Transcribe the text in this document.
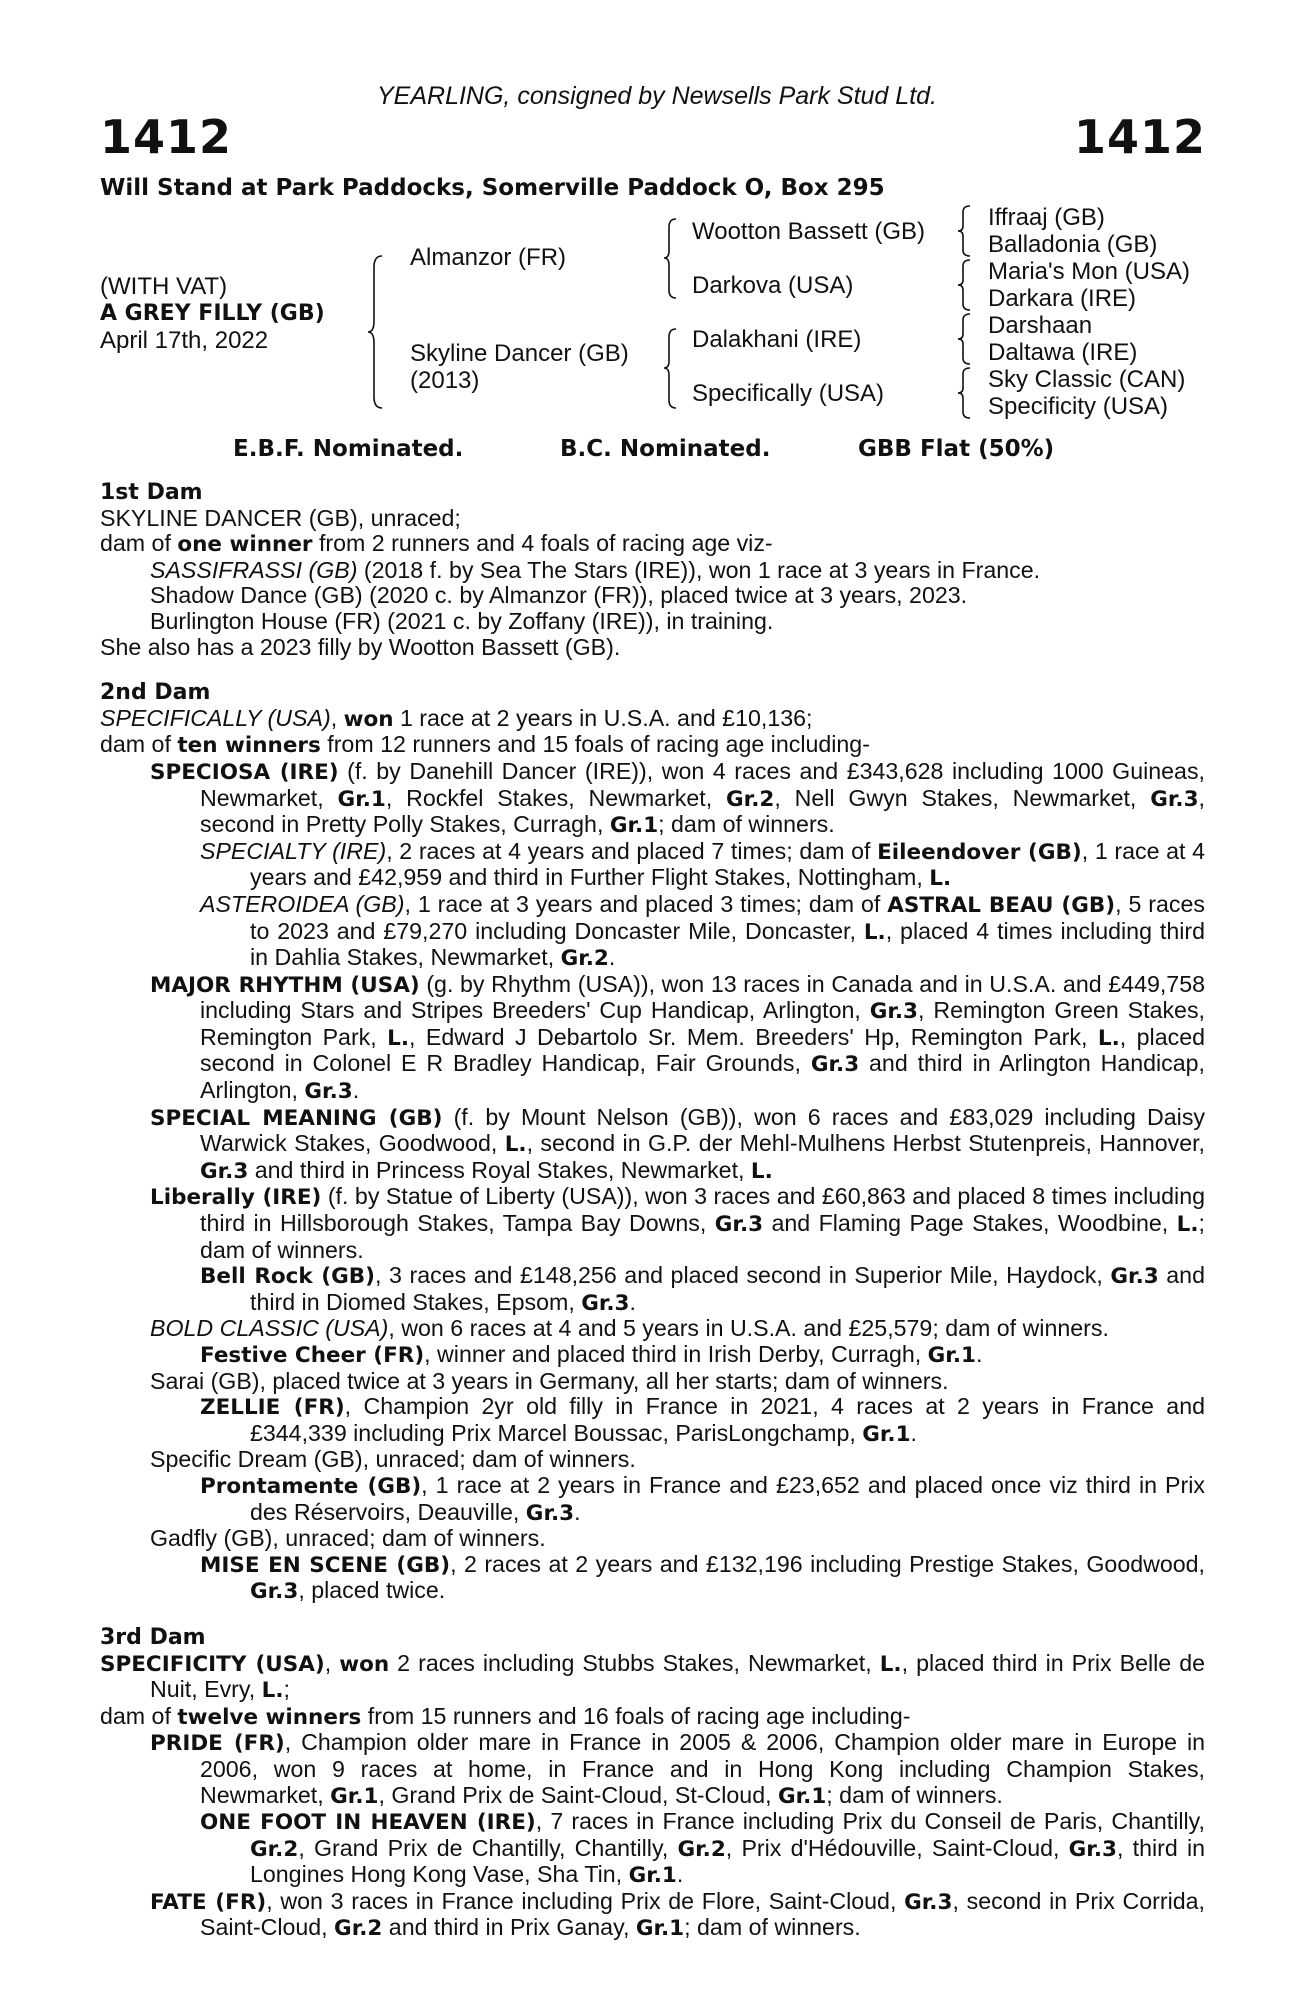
YEARLING, consigned by Newsells Park Stud Ltd.
1412	1412
Will Stand at Park Paddocks, Somerville Paddock O, Box 295
(WITH VAT)
A GREY FILLY (GB)
April 17th, 2022
Almanzor (FR)
Skyline Dancer (GB)
(2013)
Wootton Bassett (GB)
Darkova (USA)
Dalakhani (IRE)
Specifically (USA)
Iffraaj (GB)
Balladonia (GB)
Maria's Mon (USA)
Darkara (IRE)
Darshaan
Daltawa (IRE)
Sky Classic (CAN)
Specificity (USA)
E.B.F. Nominated.	B.C. Nominated.	GBB Flat (50%)
1st Dam
SKYLINE DANCER (GB), unraced;
dam of one winner from 2 runners and 4 foals of racing age viz-
SASSIFRASSI (GB) (2018 f. by Sea The Stars (IRE)), won 1 race at 3 years in France.
Shadow Dance (GB) (2020 c. by Almanzor (FR)), placed twice at 3 years, 2023.
Burlington House (FR) (2021 c. by Zoffany (IRE)), in training.
She also has a 2023 filly by Wootton Bassett (GB).
2nd Dam
SPECIFICALLY (USA), won 1 race at 2 years in U.S.A. and £10,136;
dam of ten winners from 12 runners and 15 foals of racing age including-
SPECIOSA (IRE) (f. by Danehill Dancer (IRE)), won 4 races and £343,628 including 1000 Guineas, Newmarket, Gr.1, Rockfel Stakes, Newmarket, Gr.2, Nell Gwyn Stakes, Newmarket, Gr.3, second in Pretty Polly Stakes, Curragh, Gr.1; dam of winners.
SPECIALTY (IRE), 2 races at 4 years and placed 7 times; dam of Eileendover (GB), 1 race at 4 years and £42,959 and third in Further Flight Stakes, Nottingham, L.
ASTEROIDEA (GB), 1 race at 3 years and placed 3 times; dam of ASTRAL BEAU (GB), 5 races to 2023 and £79,270 including Doncaster Mile, Doncaster, L., placed 4 times including third in Dahlia Stakes, Newmarket, Gr.2.
MAJOR RHYTHM (USA) (g. by Rhythm (USA)), won 13 races in Canada and in U.S.A. and £449,758 including Stars and Stripes Breeders' Cup Handicap, Arlington, Gr.3, Remington Green Stakes, Remington Park, L., Edward J Debartolo Sr. Mem. Breeders' Hp, Remington Park, L., placed second in Colonel E R Bradley Handicap, Fair Grounds, Gr.3 and third in Arlington Handicap, Arlington, Gr.3.
SPECIAL MEANING (GB) (f. by Mount Nelson (GB)), won 6 races and £83,029 including Daisy Warwick Stakes, Goodwood, L., second in G.P. der Mehl-Mulhens Herbst Stutenpreis, Hannover, Gr.3 and third in Princess Royal Stakes, Newmarket, L.
Liberally (IRE) (f. by Statue of Liberty (USA)), won 3 races and £60,863 and placed 8 times including third in Hillsborough Stakes, Tampa Bay Downs, Gr.3 and Flaming Page Stakes, Woodbine, L.; dam of winners.
Bell Rock (GB), 3 races and £148,256 and placed second in Superior Mile, Haydock, Gr.3 and third in Diomed Stakes, Epsom, Gr.3.
BOLD CLASSIC (USA), won 6 races at 4 and 5 years in U.S.A. and £25,579; dam of winners.
Festive Cheer (FR), winner and placed third in Irish Derby, Curragh, Gr.1.
Sarai (GB), placed twice at 3 years in Germany, all her starts; dam of winners.
ZELLIE (FR), Champion 2yr old filly in France in 2021, 4 races at 2 years in France and £344,339 including Prix Marcel Boussac, ParisLongchamp, Gr.1.
Specific Dream (GB), unraced; dam of winners.
Prontamente (GB), 1 race at 2 years in France and £23,652 and placed once viz third in Prix des Réservoirs, Deauville, Gr.3.
Gadfly (GB), unraced; dam of winners.
MISE EN SCENE (GB), 2 races at 2 years and £132,196 including Prestige Stakes, Goodwood, Gr.3, placed twice.
3rd Dam
SPECIFICITY (USA), won 2 races including Stubbs Stakes, Newmarket, L., placed third in Prix Belle de Nuit, Evry, L.;
dam of twelve winners from 15 runners and 16 foals of racing age including-
PRIDE (FR), Champion older mare in France in 2005 & 2006, Champion older mare in Europe in 2006, won 9 races at home, in France and in Hong Kong including Champion Stakes, Newmarket, Gr.1, Grand Prix de Saint-Cloud, St-Cloud, Gr.1; dam of winners.
ONE FOOT IN HEAVEN (IRE), 7 races in France including Prix du Conseil de Paris, Chantilly, Gr.2, Grand Prix de Chantilly, Chantilly, Gr.2, Prix d'Hédouville, Saint-Cloud, Gr.3, third in Longines Hong Kong Vase, Sha Tin, Gr.1.
FATE (FR), won 3 races in France including Prix de Flore, Saint-Cloud, Gr.3, second in Prix Corrida, Saint-Cloud, Gr.2 and third in Prix Ganay, Gr.1; dam of winners.
